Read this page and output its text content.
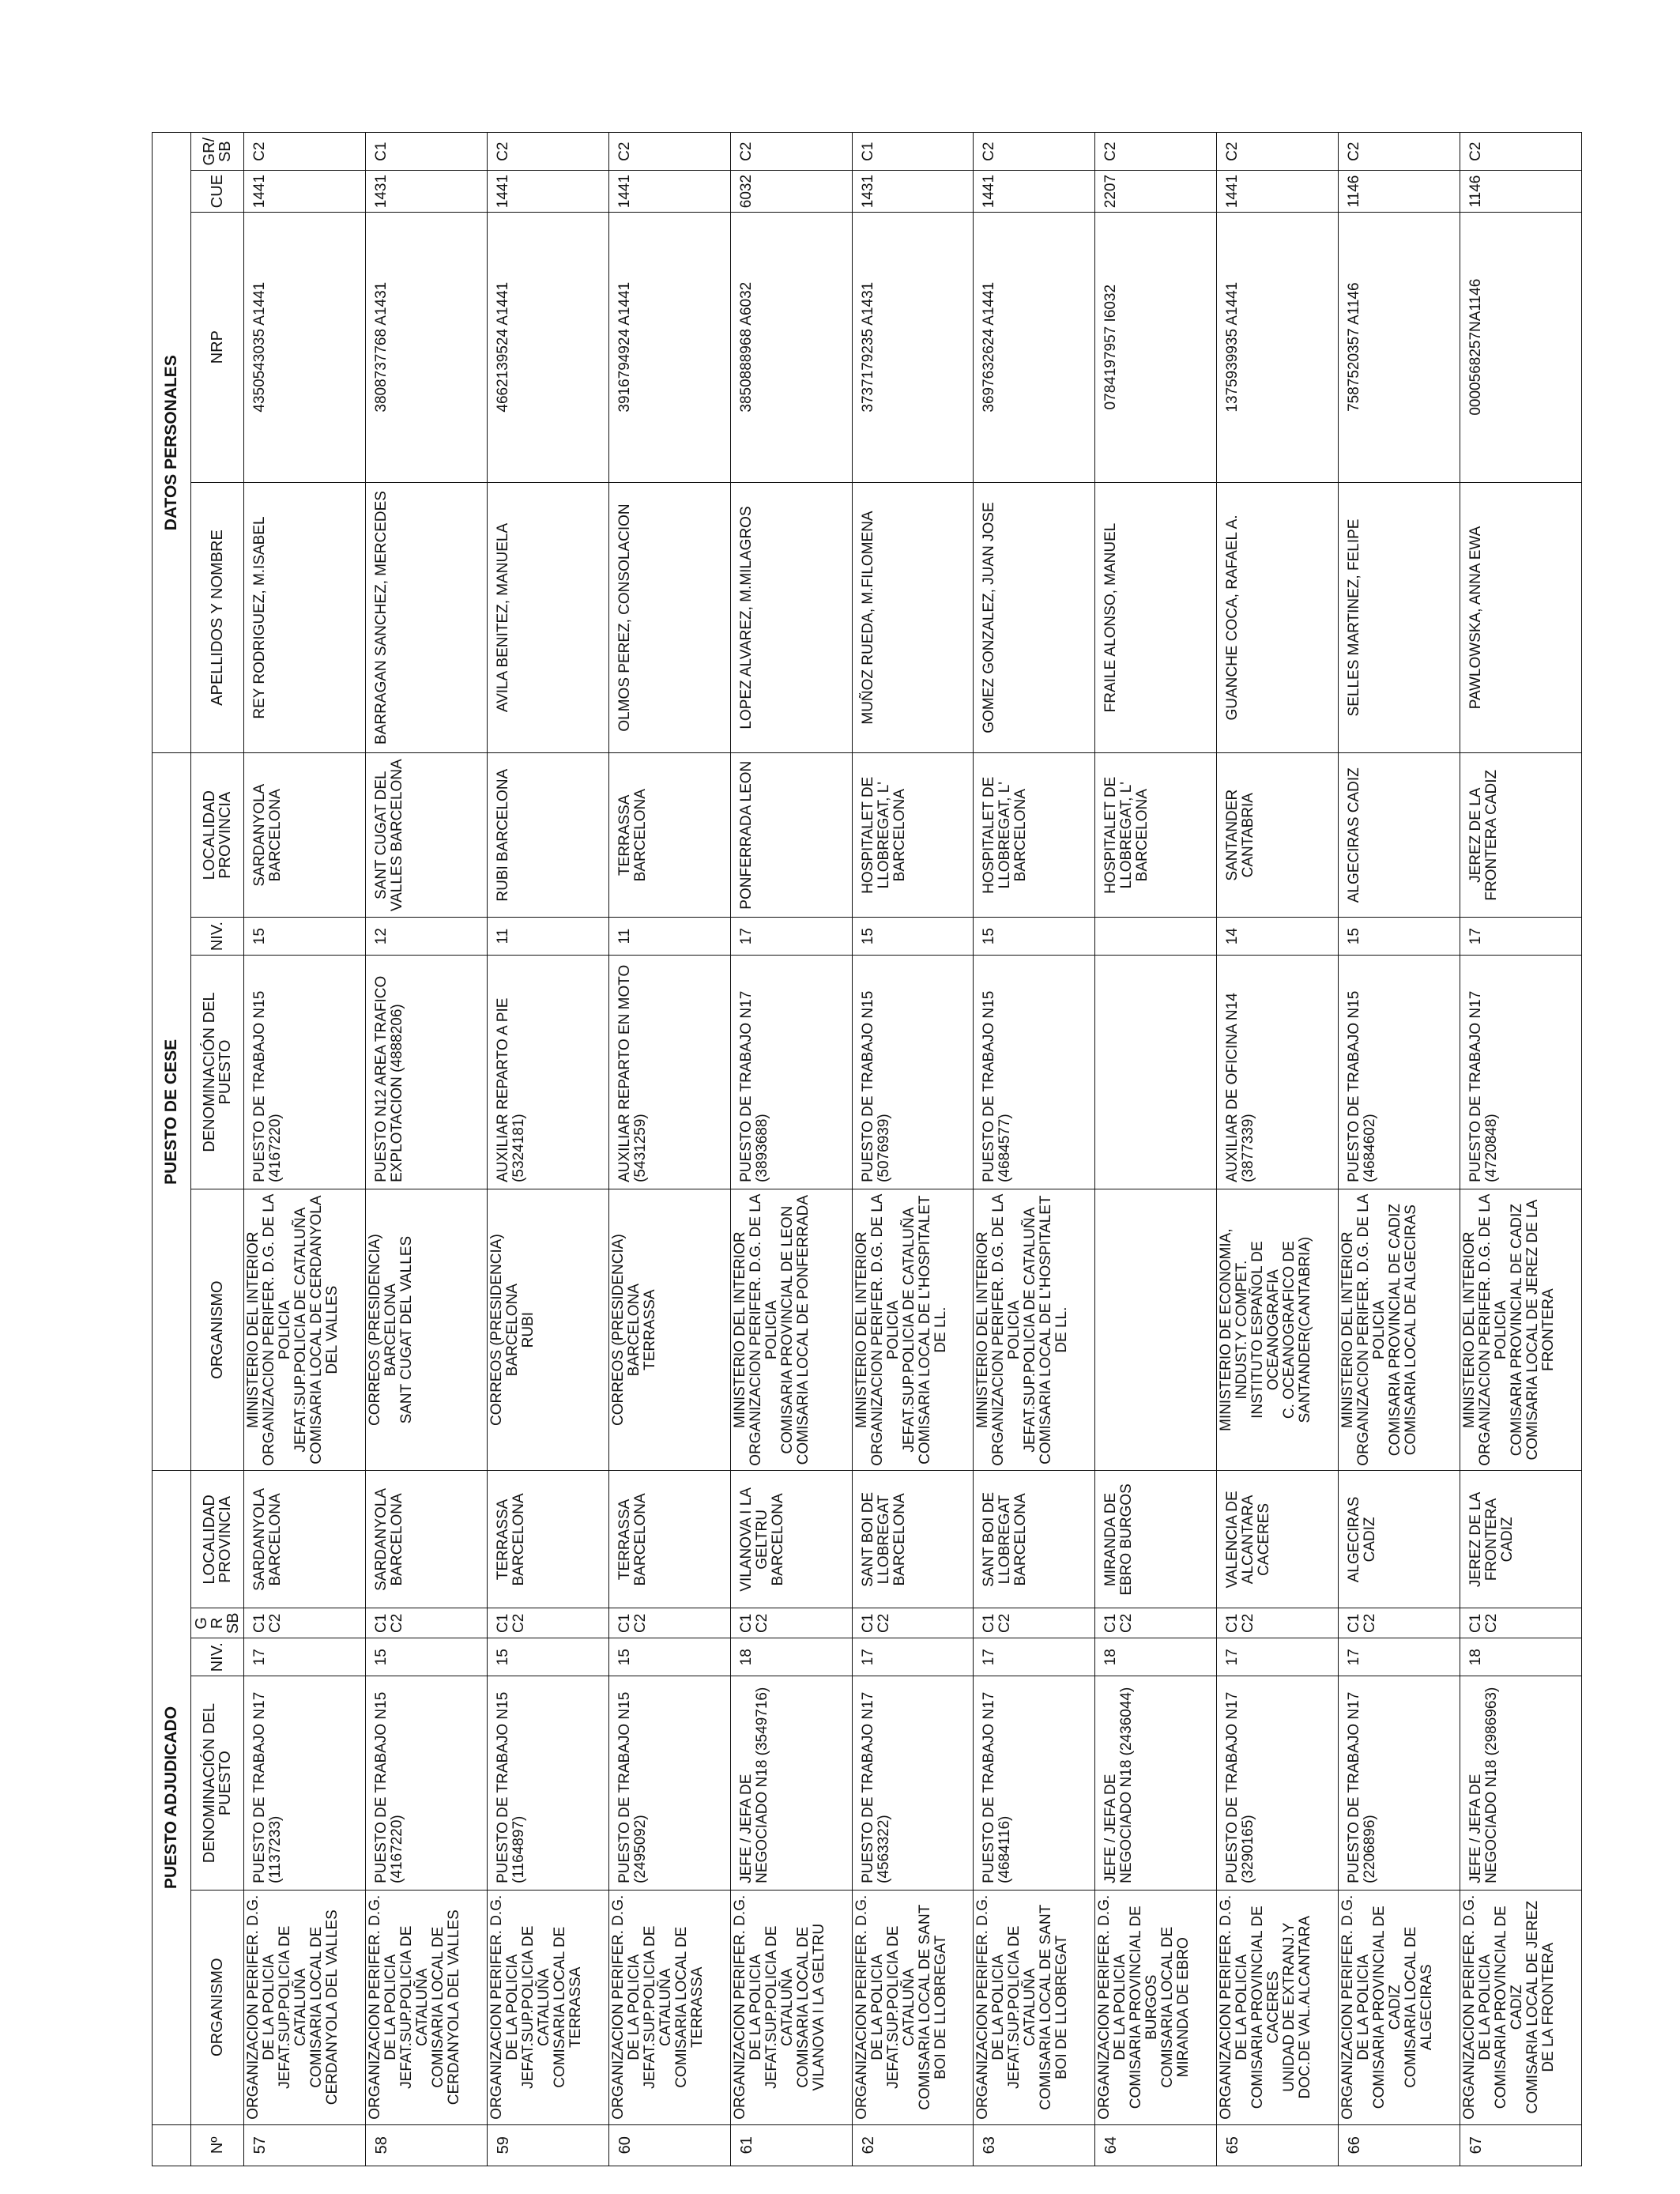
	PUESTO ADJUDICADO					PUESTO DE CESE				DATOS PERSONALES			
Nº	ORGANISMO	DENOMINACIÓN DEL PUESTO	NIV.	GR SB	LOCALIDAD PROVINCIA	ORGANISMO	DENOMINACIÓN DEL PUESTO	NIV.	LOCALIDAD PROVINCIA	APELLIDOS Y NOMBRE	NRP	CUE	GR/ SB
57	ORGANIZACION PERIFER. D.G. DE LA POLICIA
JEFAT.SUP.POLICIA DE CATALUÑA
COMISARIA LOCAL DE CERDANYOLA DEL VALLES	PUESTO DE TRABAJO N17 (1137233)	17	C1 C2	SARDANYOLA BARCELONA	MINISTERIO DEL INTERIOR ORGANIZACION PERIFER. D.G. DE LA POLICIA
JEFAT.SUP.POLICIA DE CATALUÑA
COMISARIA LOCAL DE CERDANYOLA DEL VALLES	PUESTO DE TRABAJO N15 (4167220)	15	SARDANYOLA BARCELONA	REY RODRIGUEZ, M.ISABEL	4350543035 A1441	1441	C2
58	ORGANIZACION PERIFER. D.G. DE LA POLICIA
JEFAT.SUP.POLICIA DE CATALUÑA
COMISARIA LOCAL DE CERDANYOLA DEL VALLES	PUESTO DE TRABAJO N15 (4167220)	15	C1 C2	SARDANYOLA BARCELONA	CORREOS (PRESIDENCIA) BARCELONA
SANT CUGAT DEL VALLES	PUESTO N12 AREA TRAFICO EXPLOTACION (4888206)	12	SANT CUGAT DEL VALLES BARCELONA	BARRAGAN SANCHEZ, MERCEDES	3808737768 A1431	1431	C1
59	ORGANIZACION PERIFER. D.G. DE LA POLICIA
JEFAT.SUP.POLICIA DE CATALUÑA
COMISARIA LOCAL DE TERRASSA	PUESTO DE TRABAJO N15 (1164897)	15	C1 C2	TERRASSA BARCELONA	CORREOS (PRESIDENCIA) BARCELONA
RUBI	AUXILIAR REPARTO A PIE (5324181)	11	RUBI BARCELONA	AVILA BENITEZ, MANUELA	4662139524 A1441	1441	C2
60	ORGANIZACION PERIFER. D.G. DE LA POLICIA
JEFAT.SUP.POLICIA DE CATALUÑA
COMISARIA LOCAL DE TERRASSA	PUESTO DE TRABAJO N15 (2495092)	15	C1 C2	TERRASSA BARCELONA	CORREOS (PRESIDENCIA) BARCELONA
TERRASSA	AUXILIAR REPARTO EN MOTO (5431259)	11	TERRASSA BARCELONA	OLMOS PEREZ, CONSOLACION	3916794924 A1441	1441	C2
61	ORGANIZACION PERIFER. D.G. DE LA POLICIA
JEFAT.SUP.POLICIA DE CATALUÑA
COMISARIA LOCAL DE VILANOVA I LA GELTRU	JEFE / JEFA DE NEGOCIADO N18 (3549716)	18	C1 C2	VILANOVA I LA GELTRU BARCELONA	MINISTERIO DEL INTERIOR ORGANIZACION PERIFER. D.G. DE LA POLICIA
COMISARIA PROVINCIAL DE LEON
COMISARIA LOCAL DE PONFERRADA	PUESTO DE TRABAJO N17 (3893688)	17	PONFERRADA LEON	LOPEZ ALVAREZ, M.MILAGROS	3850888968 A6032	6032	C2
62	ORGANIZACION PERIFER. D.G. DE LA POLICIA
JEFAT.SUP.POLICIA DE CATALUÑA
COMISARIA LOCAL DE SANT BOI DE LLOBREGAT	PUESTO DE TRABAJO N17 (4563322)	17	C1 C2	SANT BOI DE LLOBREGAT BARCELONA	MINISTERIO DEL INTERIOR ORGANIZACION PERIFER. D.G. DE LA POLICIA
JEFAT.SUP.POLICIA DE CATALUÑA
COMISARIA LOCAL DE L'HOSPITALET DE LL.	PUESTO DE TRABAJO N15 (5076939)	15	HOSPITALET DE LLOBREGAT, L' BARCELONA	MUÑOZ RUEDA, M.FILOMENA	3737179235 A1431	1431	C1
63	ORGANIZACION PERIFER. D.G. DE LA POLICIA
JEFAT.SUP.POLICIA DE CATALUÑA
COMISARIA LOCAL DE SANT BOI DE LLOBREGAT	PUESTO DE TRABAJO N17 (4684116)	17	C1 C2	SANT BOI DE LLOBREGAT BARCELONA	MINISTERIO DEL INTERIOR ORGANIZACION PERIFER. D.G. DE LA POLICIA
JEFAT.SUP.POLICIA DE CATALUÑA
COMISARIA LOCAL DE L'HOSPITALET DE LL.	PUESTO DE TRABAJO N15 (4684577)	15	HOSPITALET DE LLOBREGAT, L' BARCELONA	GOMEZ GONZALEZ, JUAN JOSE	3697632624 A1441	1441	C2
64	ORGANIZACION PERIFER. D.G. DE LA POLICIA
COMISARIA PROVINCIAL DE BURGOS
COMISARIA LOCAL DE MIRANDA DE EBRO	JEFE / JEFA DE NEGOCIADO N18 (2436044)	18	C1 C2	MIRANDA DE EBRO BURGOS				HOSPITALET DE LLOBREGAT, L' BARCELONA	FRAILE ALONSO, MANUEL	0784197957 I6032	2207	C2
65	ORGANIZACION PERIFER. D.G. DE LA POLICIA
COMISARIA PROVINCIAL DE CACERES
UNIDAD DE EXTRANJ.Y DOC.DE VAL.ALCANTARA	PUESTO DE TRABAJO N17 (3290165)	17	C1 C2	VALENCIA DE ALCANTARA CACERES	MINISTERIO DE ECONOMIA, INDUST.Y COMPET.
INSTITUTO ESPAÑOL DE OCEANOGRAFIA
C. OCEANOGRAFICO DE SANTANDER(CANTABRIA)	AUXILIAR DE OFICINA N14 (3877339)	14	SANTANDER CANTABRIA	GUANCHE COCA, RAFAEL A.	1375939935 A1441	1441	C2
66	ORGANIZACION PERIFER. D.G. DE LA POLICIA
COMISARIA PROVINCIAL DE CADIZ
COMISARIA LOCAL DE ALGECIRAS	PUESTO DE TRABAJO N17 (2206896)	17	C1 C2	ALGECIRAS CADIZ	MINISTERIO DEL INTERIOR ORGANIZACION PERIFER. D.G. DE LA POLICIA
COMISARIA PROVINCIAL DE CADIZ
COMISARIA LOCAL DE ALGECIRAS	PUESTO DE TRABAJO N15 (4684602)	15	ALGECIRAS CADIZ	SELLES MARTINEZ, FELIPE	7587520357 A1146	1146	C2
67	ORGANIZACION PERIFER. D.G. DE LA POLICIA
COMISARIA PROVINCIAL DE CADIZ
COMISARIA LOCAL DE JEREZ DE LA FRONTERA	JEFE / JEFA DE NEGOCIADO N18 (2986963)	18	C1 C2	JEREZ DE LA FRONTERA CADIZ	MINISTERIO DEL INTERIOR ORGANIZACION PERIFER. D.G. DE LA POLICIA
COMISARIA PROVINCIAL DE CADIZ
COMISARIA LOCAL DE JEREZ DE LA FRONTERA	PUESTO DE TRABAJO N17 (4720848)	17	JEREZ DE LA FRONTERA CADIZ	PAWLOWSKA, ANNA EWA	0000568257NA1146	1146	C2
